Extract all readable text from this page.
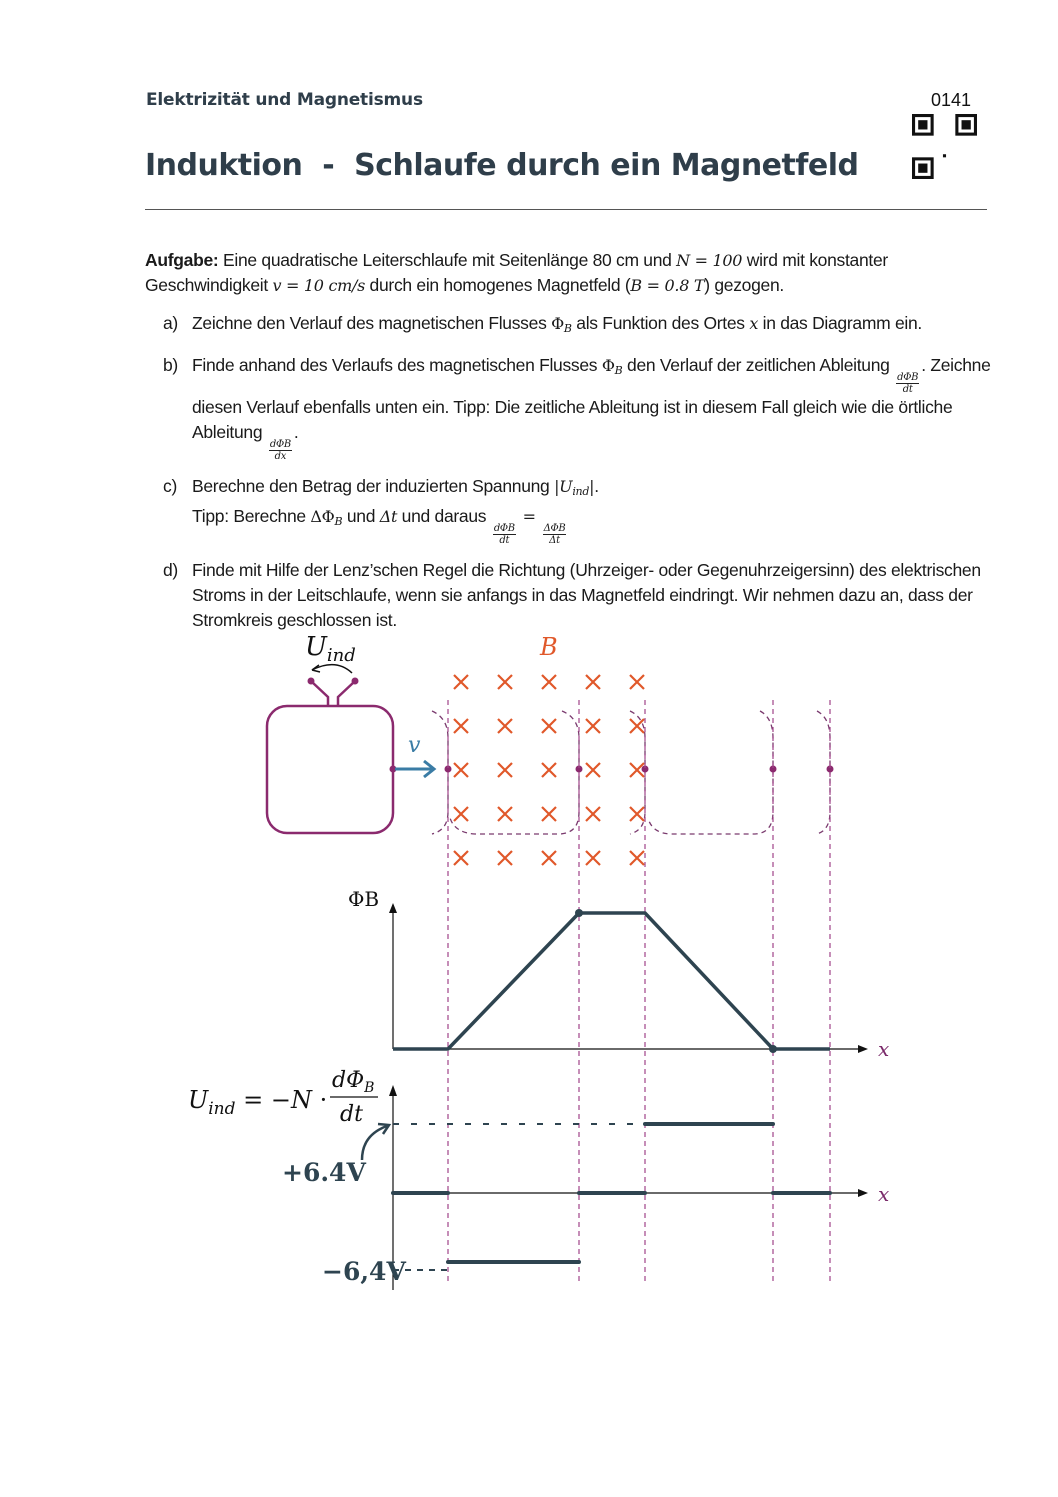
Elektrizität und Magnetismus	0141
Induktion  -  Schlaufe durch ein Magnetfeld
Aufgabe: Eine quadratische Leiterschlaufe mit Seitenlänge 80 cm und N = 100 wird mit konstanter
Geschwindigkeit v = 10 cm/s durch ein homogenes Magnetfeld (B = 0.8 T) gezogen.
a) Zeichne den Verlauf des magnetischen Flusses $\Phi_B$ als Funktion des Ortes x in das Diagramm ein.
b) Finde anhand des Verlaufs des magnetischen Flusses $\Phi_B$ den Verlauf der zeitlichen Ableitung
$\frac{\text{dΦB}}{dt}$
. Zeichne diesen Verlauf ebenfalls unten ein. Tipp: Die zeitliche Ableitung ist in diesem Fall gleich wie die örtliche Ableitung
$\frac{\text{dΦB}}{dx}$
.
c) Berechne den Betrag der induzierten Spannung $|U_{ind}|$.
Tipp: Berechne $\Delta\Phi_B$ und Δt und daraus
$\frac{\text{dΦB}}{dt}$
=
$\frac{\text{ΔΦB}}{\Delta t}$
d) Finde mit Hilfe der Lenz’schen Regel die Richtung (Uhrzeiger- oder Gegenuhrzeigersinn) des elektrischen Stroms in der Leitschlaufe, wenn sie anfangs in das Magnetfeld eindringt. Wir nehmen dazu an, dass der Stromkreis geschlossen ist.
$U_{ind}$	B
v
ΦB
x
x
$U_{ind} = -N$ ·
$d\Phi_B$
dt
+6.4V
−6,4V
